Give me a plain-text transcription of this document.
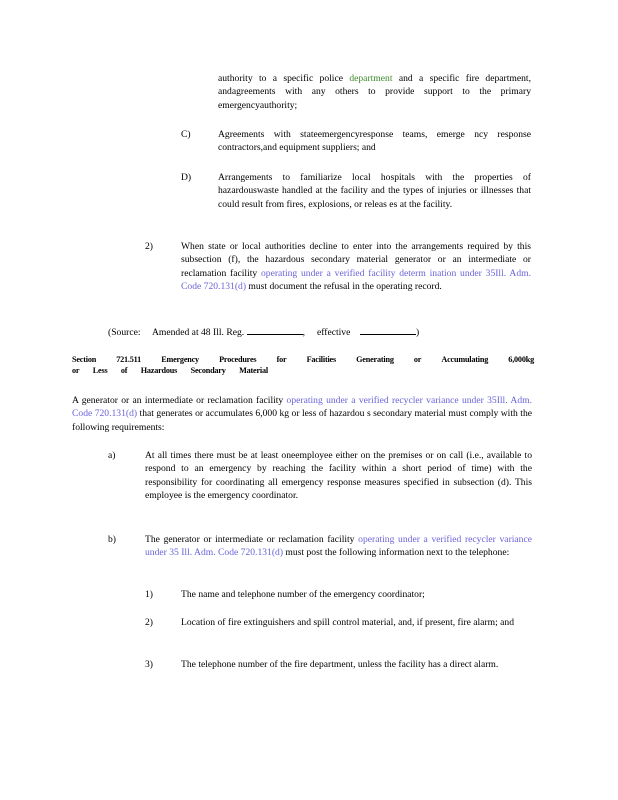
authority to a specific police department and a specific fire department, andagreements with any others to provide support to the primary emergencyauthority;
C)	Agreements with stateemergencyresponse teams, emerge ncy response contractors,and equipment suppliers; and
D)	Arrangements to familiarize local hospitals with the properties of hazardouswaste handled at the facility and the types of injuries or illnesses that could result from fires, explosions, or releas es at the facility.
2)	When state or local authorities decline to enter into the arrangements required by this subsection (f), the hazardous secondary material generator or an intermediate or reclamation facility operating under a verified facility determ ination under 35Ill. Adm. Code 720.131(d) must document the refusal in the operating record.
(Source: Amended at 48 Ill. Reg.	, effective	)
Section 721.511 Emergency Procedures for Facilities Generating or Accumulating 6,000kg
or Less of Hazardous Secondary Material
A generator or an intermediate or reclamation facility operating under a verified recycler variance under 35Ill. Adm. Code 720.131(d) that generates or accumulates 6,000 kg or less of hazardou s secondary material must comply with the following requirements:
a)	At all times there must be at least oneemployee either on the premises or on call (i.e., available to respond to an emergency by reaching the facility within a short period of time) with the responsibility for coordinating all emergency response measures specified in subsection (d). This employee is the emergency coordinator.
b)	The generator or intermediate or reclamation facility operating under a verified recycler variance under 35 Ill. Adm. Code 720.131(d) must post the following information next to the telephone:
1)	The name and telephone number of the emergency coordinator;
2)	Location of fire extinguishers and spill control material, and, if present, fire alarm; and
3)	The telephone number of the fire department, unless the facility has a direct alarm.
